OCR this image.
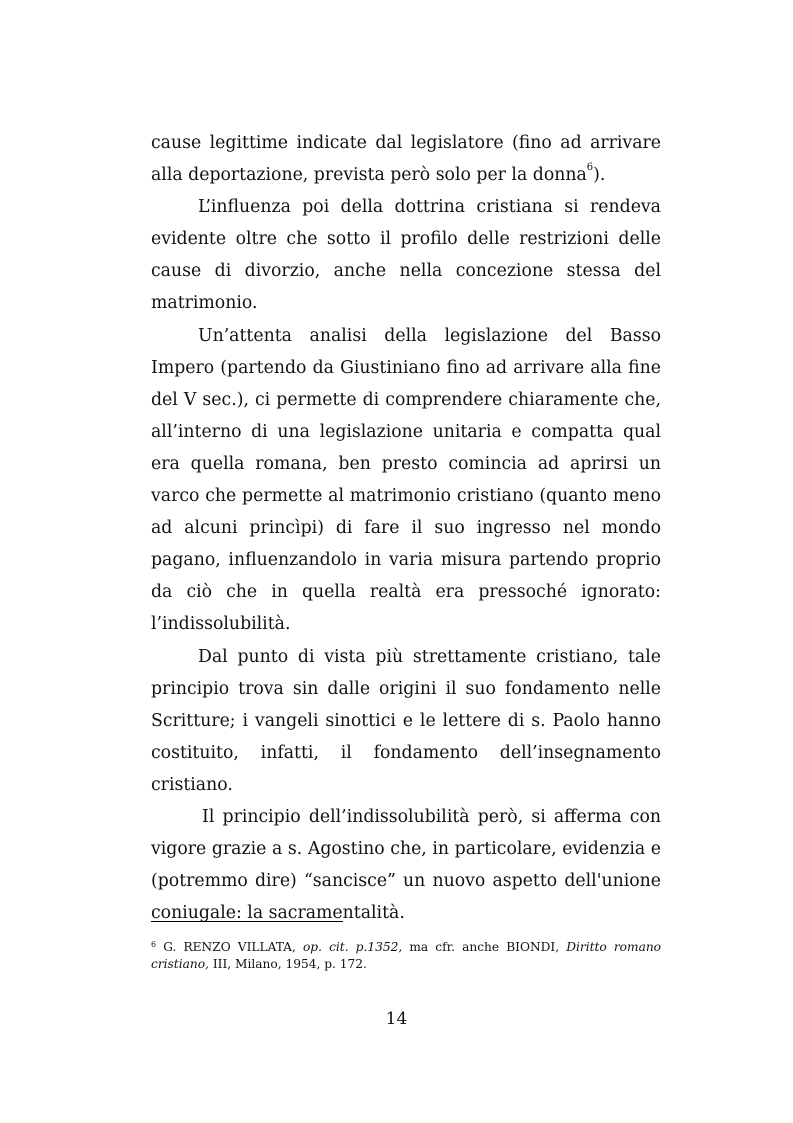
cause legittime indicate dal legislatore (fino ad arrivare alla deportazione, prevista però solo per la donna$^6$).

L’influenza poi della dottrina cristiana si rendeva evidente oltre che sotto il profilo delle restrizioni delle cause di divorzio, anche nella concezione stessa del matrimonio.

Un’attenta analisi della legislazione del Basso Impero (partendo da Giustiniano fino ad arrivare alla fine del V sec.), ci permette di comprendere chiaramente che, all’interno di una legislazione unitaria e compatta qual era quella romana, ben presto comincia ad aprirsi un varco che permette al matrimonio cristiano (quanto meno ad alcuni princìpi) di fare il suo ingresso nel mondo pagano, influenzandolo in varia misura partendo proprio da ciò che in quella realtà era pressoché ignorato: l’indissolubilità.

Dal punto di vista più strettamente cristiano, tale principio trova sin dalle origini il suo fondamento nelle Scritture; i vangeli sinottici e le lettere di s. Paolo hanno costituito, infatti, il fondamento dell’insegnamento cristiano.

Il principio dell’indissolubilità però, si afferma con vigore grazie a s. Agostino che, in particolare, evidenzia e (potremmo dire) “sancisce” un nuovo aspetto dell'unione coniugale: la sacramentalità.

$^6$ G. RENZO VILLATA, op. cit. p.1352, ma cfr. anche BIONDI, Diritto romano cristiano, III, Milano, 1954, p. 172.
14
